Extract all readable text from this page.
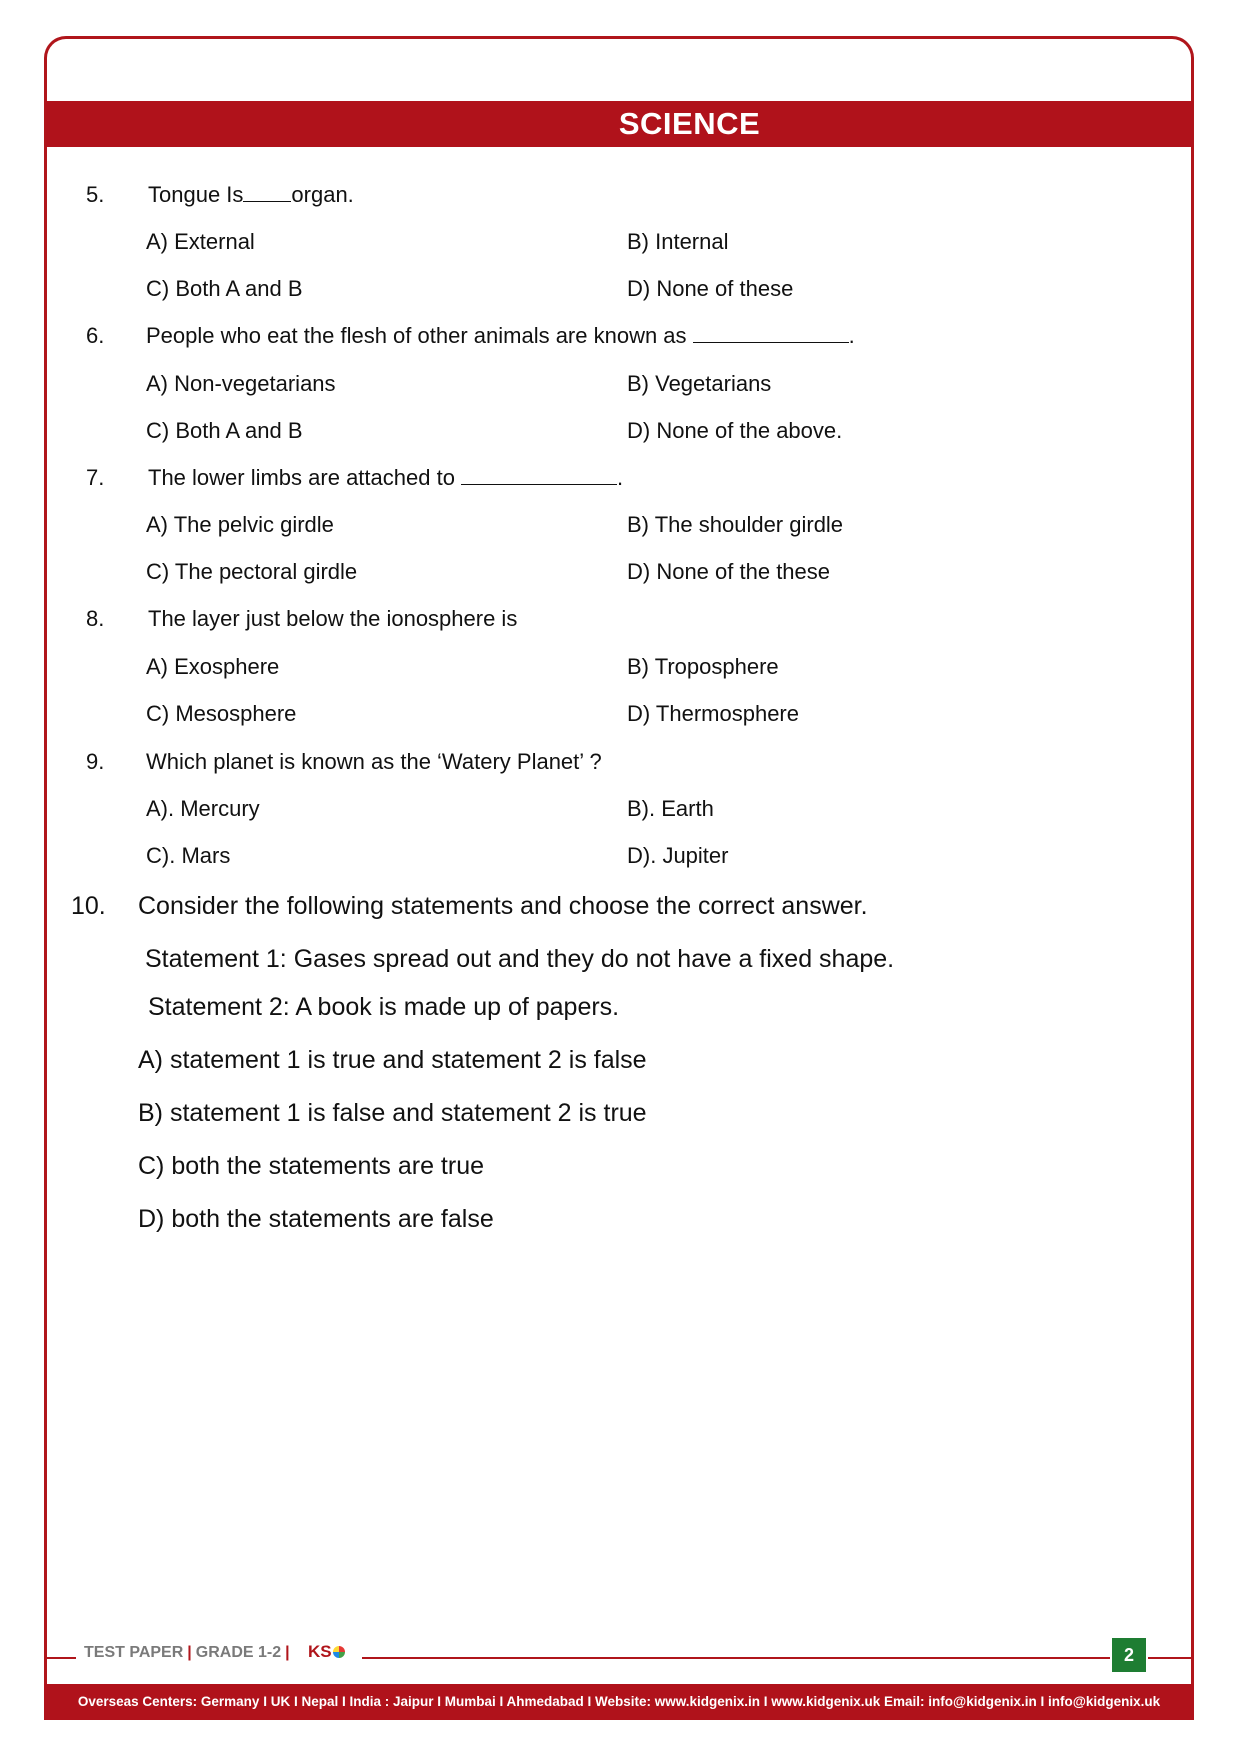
SCIENCE
5. Tongue Is organ.
A) External	B) Internal
C) Both A and B	D) None of these
6. People who eat the flesh of other animals are known as	.
A) Non-vegetarians	B) Vegetarians
C) Both A and B	D) None of the above.
7. The lower limbs are attached to	.
A) The pelvic girdle	B) The shoulder girdle
C) The pectoral girdle	D) None of the these
8. The layer just below the ionosphere is
A) Exosphere	B) Troposphere
C) Mesosphere	D) Thermosphere
9. Which planet is known as the ‘Watery Planet’ ?
A). Mercury	B). Earth
C). Mars	D). Jupiter
10. Consider the following statements and choose the correct answer.
Statement 1: Gases spread out and they do not have a fixed shape.
Statement 2: A book is made up of papers.
A) statement 1 is true and statement 2 is false
B) statement 1 is false and statement 2 is true
C) both the statements are true
D) both the statements are false
TEST PAPER | GRADE 1-2 | KS	2
Overseas Centers: Germany I UK I Nepal I India : Jaipur I Mumbai I Ahmedabad I Website: www.kidgenix.in I www.kidgenix.uk Email: info@kidgenix.in I info@kidgenix.uk
